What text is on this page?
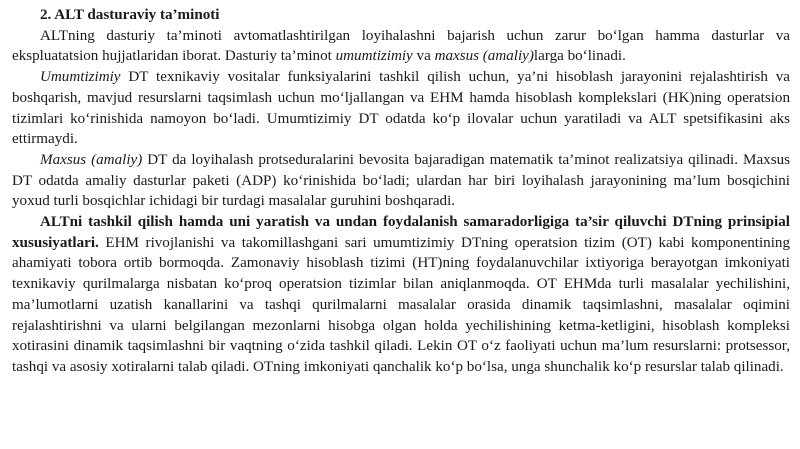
2. ALT dasturaviy ta’minoti

ALTning dasturiy ta’minoti avtomatlashtirilgan loyihalashni bajarish uchun zarur bo‘lgan hamma dasturlar va ekspluatatsion hujjatlaridan iborat. Dasturiy ta’minot umumtizimiy va maxsus (amaliy)larga bo‘linadi.

Umumtizimiy DT texnikaviy vositalar funksiyalarini tashkil qilish uchun, ya’ni hisoblash jarayonini rejalashtirish va boshqarish, mavjud resurslarni taqsimlash uchun mo‘ljallangan va EHM hamda hisoblash komplekslari (HK)ning operatsion tizimlari ko‘rinishida namoyon bo‘ladi. Umumtizimiy DT odatda ko‘p ilovalar uchun yaratiladi va ALT spetsifikasini aks ettirmaydi.

Maxsus (amaliy) DT da loyihalash protseduralarini bevosita bajaradigan matematik ta’minot realizatsiya qilinadi. Maxsus DT odatda amaliy dasturlar paketi (ADP) ko‘rinishida bo‘ladi; ulardan har biri loyihalash jarayonining ma’lum bosqichini yoxud turli bosqichlar ichidagi bir turdagi masalalar guruhini boshqaradi.

ALTni tashkil qilish hamda uni yaratish va undan foydalanish samaradorligiga ta’sir qiluvchi DTning prinsipial xususiyatlari. EHM rivojlanishi va takomillashgani sari umumtizimiy DTning operatsion tizim (OT) kabi komponentining ahamiyati tobora ortib bormoqda. Zamonaviy hisoblash tizimi (HT)ning foydalanuvchilar ixtiyoriga berayotgan imkoniyati texnikaviy qurilmalarga nisbatan ko‘proq operatsion tizimlar bilan aniqlanmoqda. OT EHMda turli masalalar yechilishini, ma’lumotlarni uzatish kanallarini va tashqi qurilmalarni masalalar orasida dinamik taqsimlashni, masalalar oqimini rejalashtirishni va ularni belgilangan mezonlarni hisobga olgan holda yechilishining ketma-ketligini, hisoblash kompleksi xotirasini dinamik taqsimlashni bir vaqtning o‘zida tashkil qiladi. Lekin OT o‘z faoliyati uchun ma’lum resurslarni: protsessor, tashqi va asosiy xotiralarni talab qiladi. OTning imkoniyati qanchalik ko‘p bo‘lsa, unga shunchalik ko‘p resurslar talab qilinadi.
